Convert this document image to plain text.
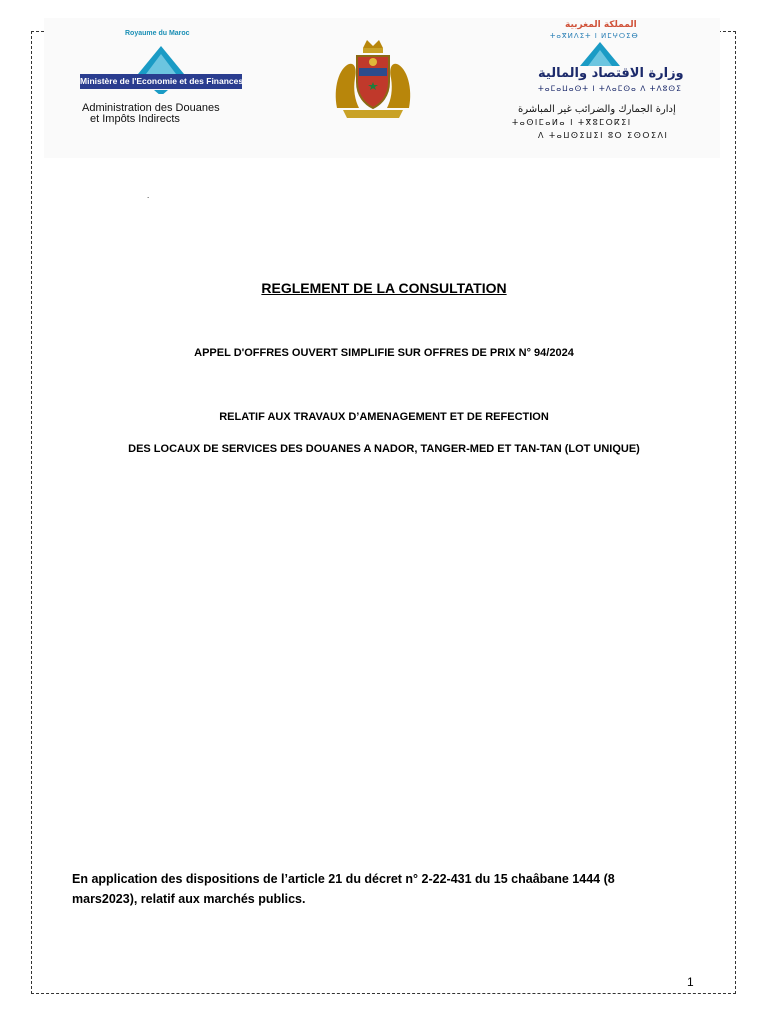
Royaume du Maroc
Ministère de l'Economie et des Finances
Administration des Douanes
et Impôts Indirects
المملكة المغربية
ⵜⴰⴳⵍⴷⵉⵜ ⵏ ⵍⵎⵖⵔⵉⴱ
وزارة الاقتصاد والمالية
ⵜⴰⵎⴰⵡⴰⵙⵜ ⵏ ⵜⴷⴰⵎⵙⴰ ⴷ ⵜⴷⵓⵙⵉ
إدارة الجمارك والضرائب غير المباشرة
ⵜⴰⵙⵏⵎⴰⵍⴰ ⵏ ⵜⴳⵓⵎⵔⴽⵉⵏ
ⴷ ⵜⴰⵡⵙⵉⵡⵉⵏ ⵓⵔ ⵉⵙⵔⵉⴷⵏ
.
REGLEMENT DE LA CONSULTATION
APPEL D'OFFRES OUVERT SIMPLIFIE SUR OFFRES DE PRIX N° 94/2024
RELATIF AUX TRAVAUX D’AMENAGEMENT ET DE REFECTION
DES LOCAUX DE SERVICES DES DOUANES A NADOR, TANGER-MED ET TAN-TAN (LOT UNIQUE)
En application des dispositions de l’article 21 du décret n° 2-22-431 du 15 chaâbane 1444 (8 mars2023), relatif aux marchés publics.
1
